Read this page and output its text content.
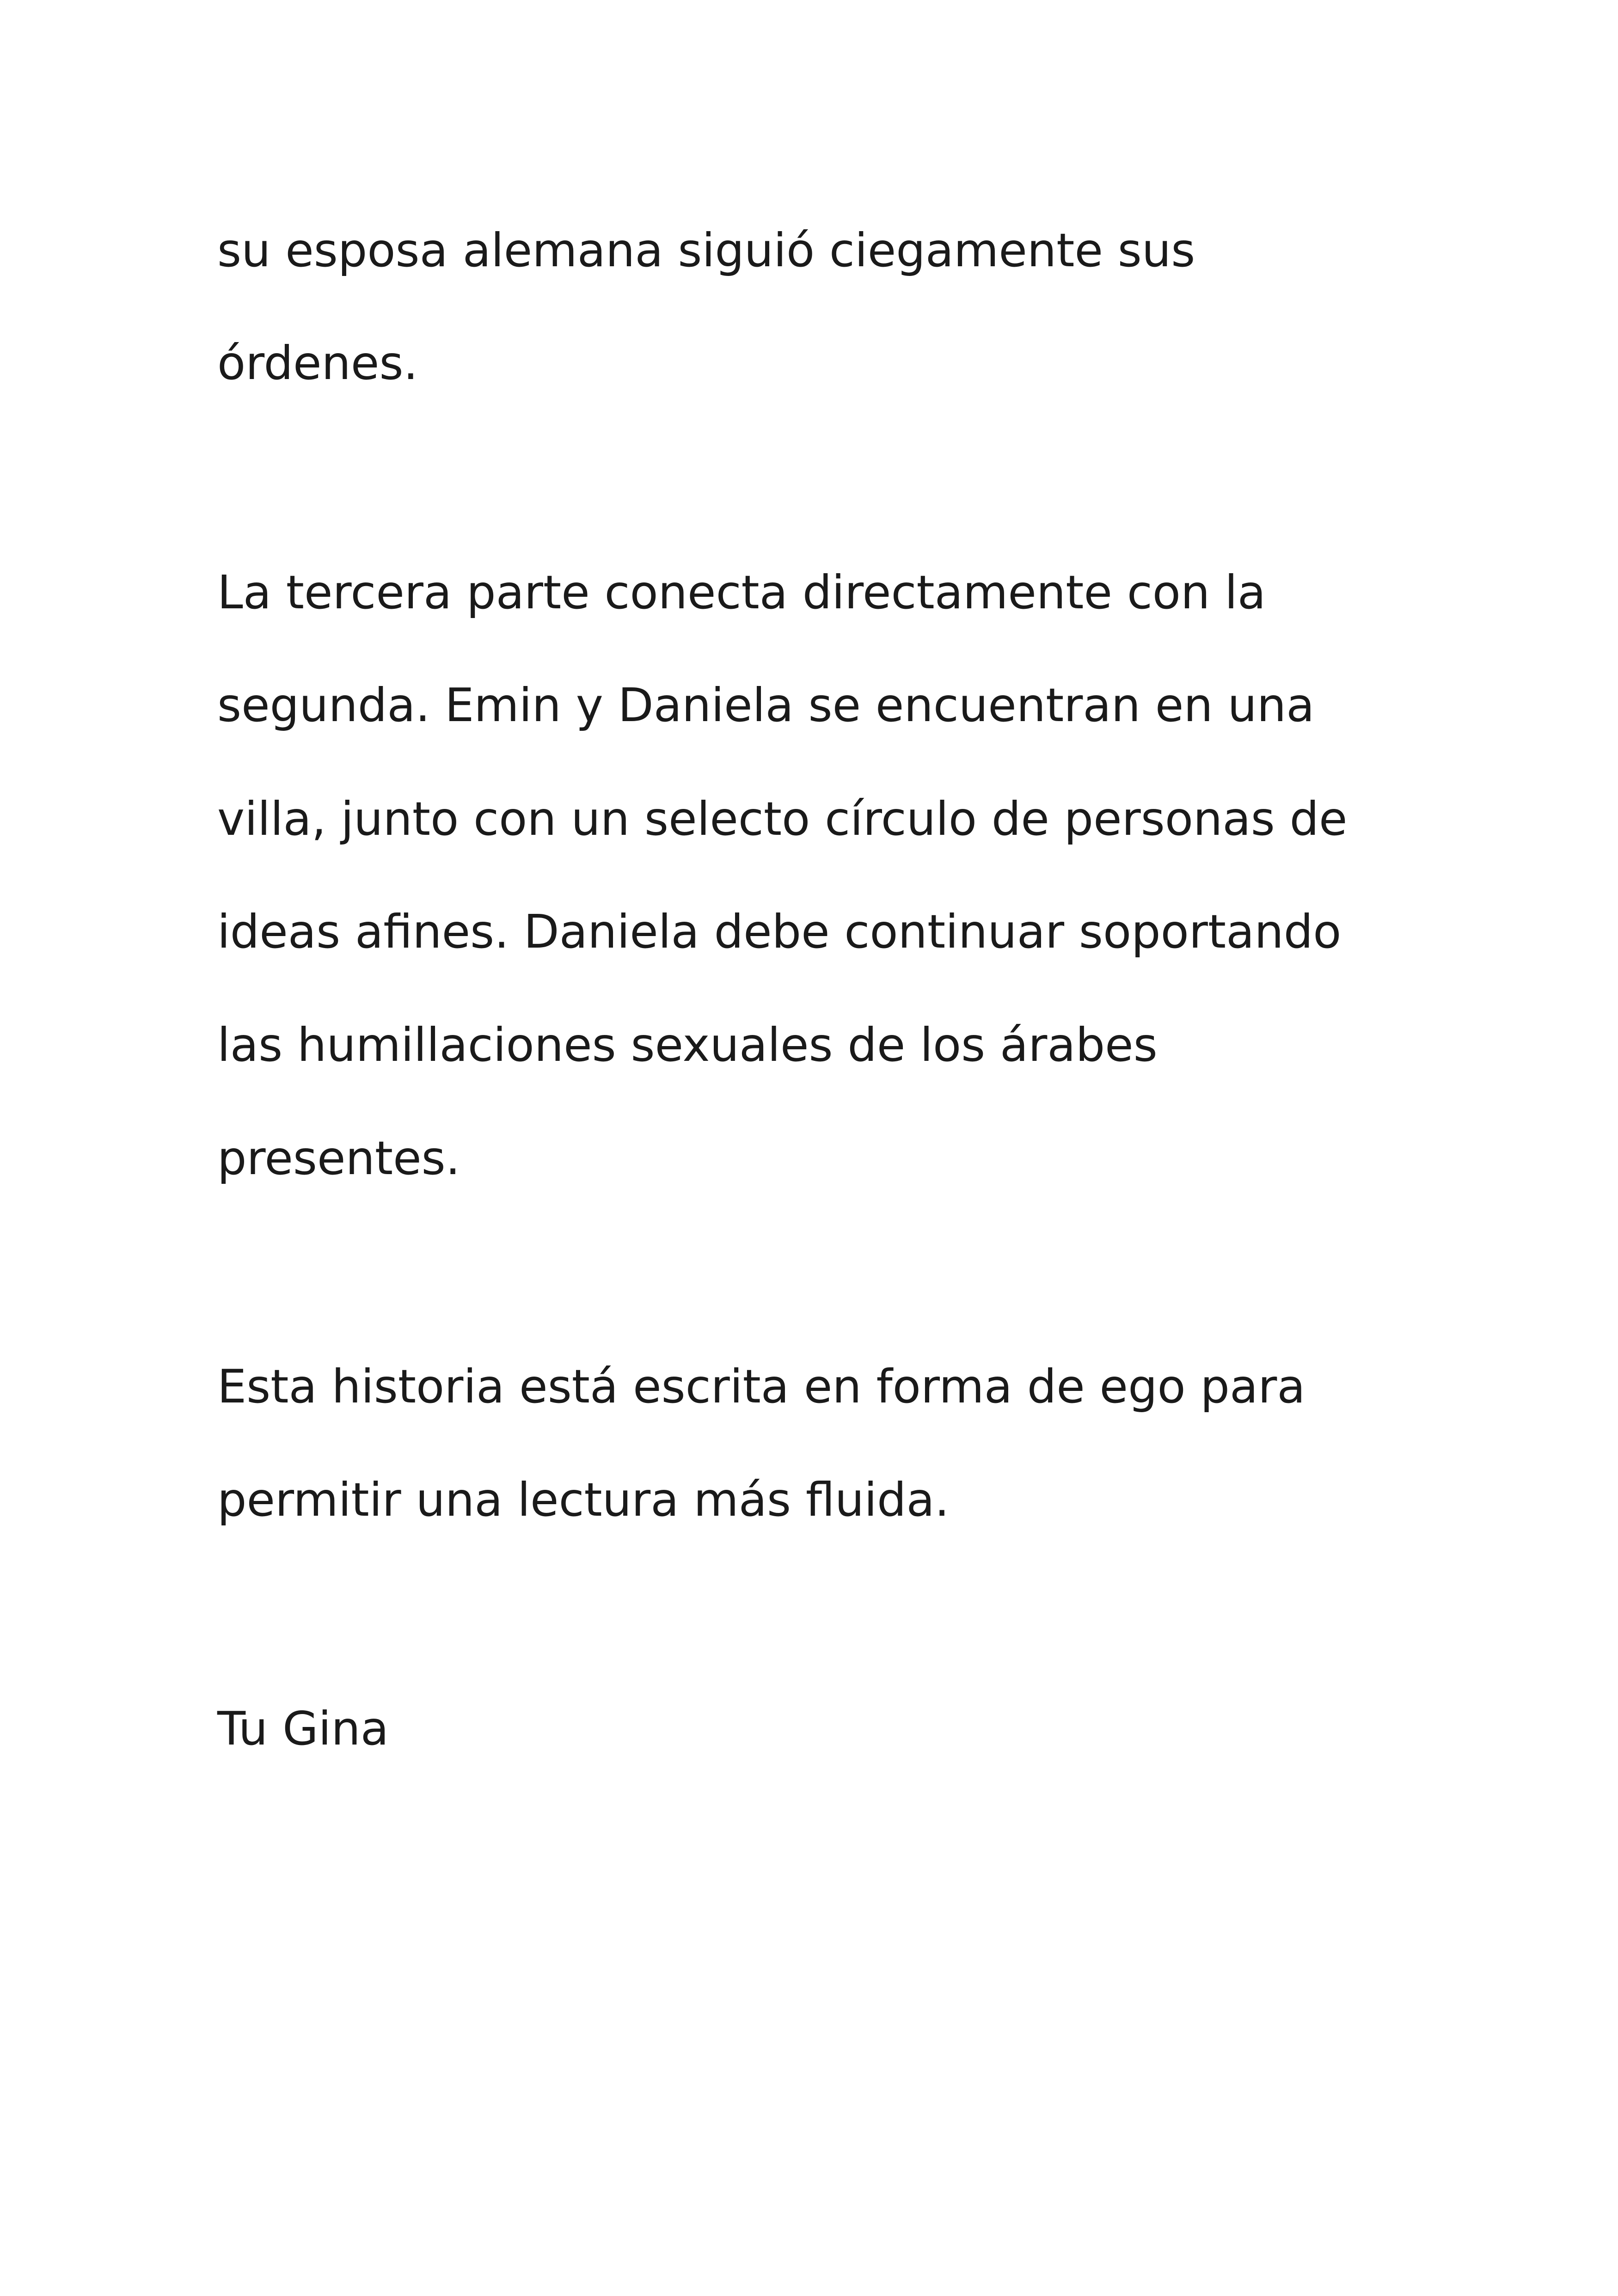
su esposa alemana siguió ciegamente sus
órdenes.
La tercera parte conecta directamente con la
segunda. Emin y Daniela se encuentran en una
villa, junto con un selecto círculo de personas de
ideas afines. Daniela debe continuar soportando
las humillaciones sexuales de los árabes
presentes.
Esta historia está escrita en forma de ego para
permitir una lectura más fluida.
Tu Gina
